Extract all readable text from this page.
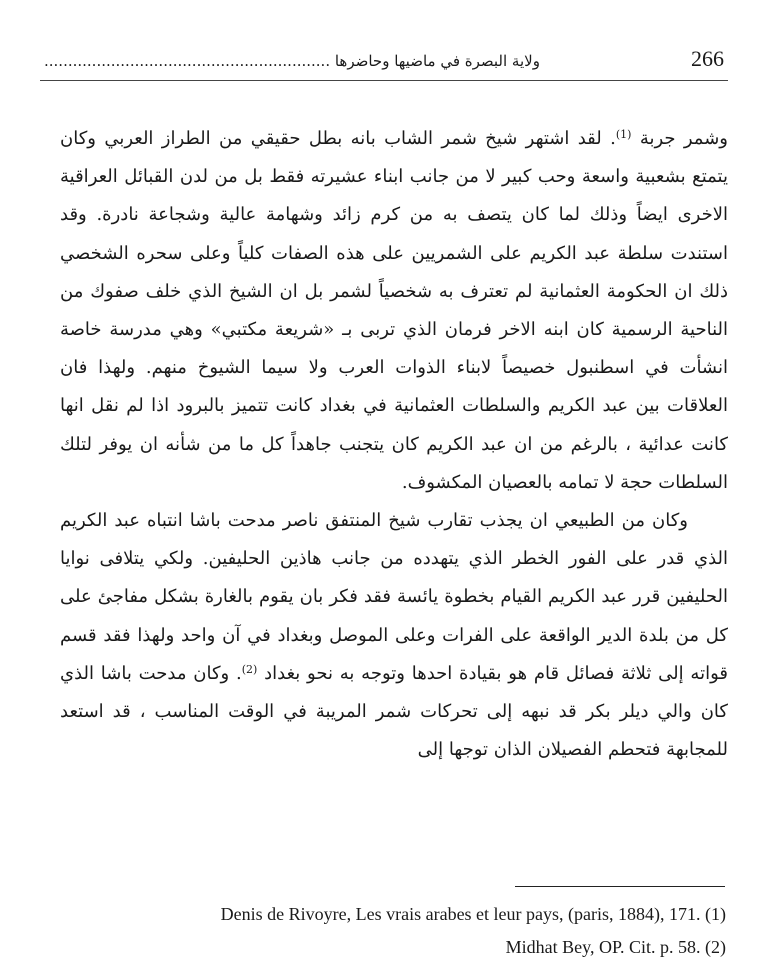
266
ولاية البصرة في ماضيها وحاضرها ............................................................

وشمر جربة $^{(1)}$. لقد اشتهر شيخ شمر الشاب بانه بطل حقيقي من الطراز العربي وكان يتمتع بشعبية واسعة وحب كبير لا من جانب ابناء عشيرته فقط بل من لدن القبائل العراقية الاخرى ايضاً وذلك لما كان يتصف به من كرم زائد وشهامة عالية وشجاعة نادرة. وقد استندت سلطة عبد الكريم على الشمريين على هذه الصفات كلياً وعلى سحره الشخصي ذلك ان الحكومة العثمانية لم تعترف به شخصياً لشمر بل ان الشيخ الذي خلف صفوك من الناحية الرسمية كان ابنه الاخر فرمان الذي تربى بـ «شريعة مكتبي» وهي مدرسة خاصة انشأت في اسطنبول خصيصاً لابناء الذوات العرب ولا سيما الشيوخ منهم. ولهذا فان العلاقات بين عبد الكريم والسلطات العثمانية في بغداد كانت تتميز بالبرود اذا لم نقل انها كانت عدائية ، بالرغم من ان عبد الكريم كان يتجنب جاهداً كل ما من شأنه ان يوفر لتلك السلطات حجة لا تمامه بالعصيان المكشوف.

وكان من الطبيعي ان يجذب تقارب شيخ المنتفق ناصر مدحت باشا انتباه عبد الكريم الذي قدر على الفور الخطر الذي يتهدده من جانب هاذين الحليفين. ولكي يتلافى نوايا الحليفين قرر عبد الكريم القيام بخطوة يائسة فقد فكر بان يقوم بالغارة بشكل مفاجئ على كل من بلدة الدير الواقعة على الفرات وعلى الموصل وبغداد في آن واحد ولهذا فقد قسم قواته إلى ثلاثة فصائل قام هو بقيادة احدها وتوجه به نحو بغداد $^{(2)}$. وكان مدحت باشا الذي كان والي ديلر بكر قد نبهه إلى تحركات شمر المريبة في الوقت المناسب ، قد استعد للمجابهة فتحطم الفصيلان الذان توجها إلى

Denis de Rivoyre, Les vrais arabes et leur pays, (paris, 1884), 171. (1)
Midhat Bey, OP. Cit. p. 58. (2)
